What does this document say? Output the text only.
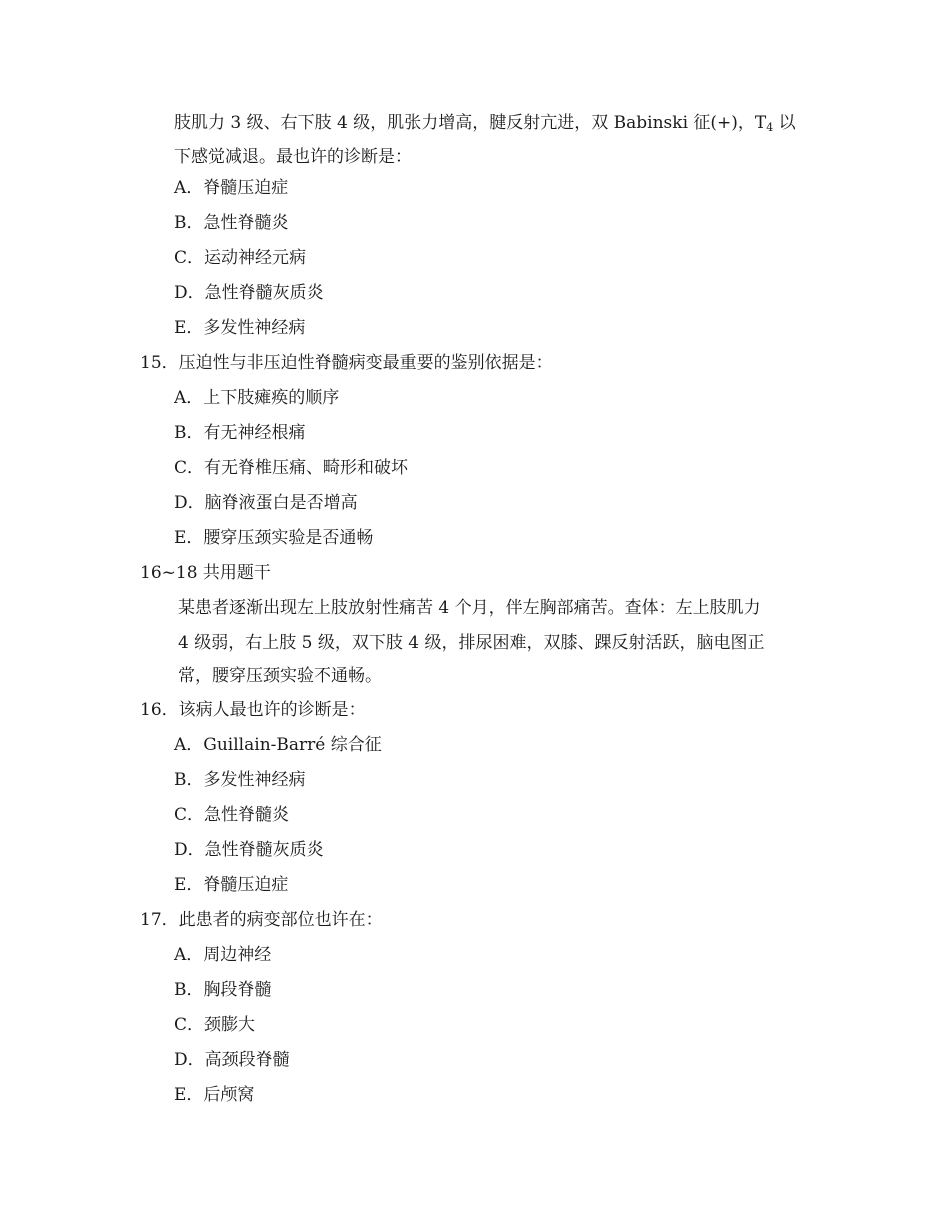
肢肌力 3 级、右下肢 4 级，肌张力增高，腱反射亢进，双 Babinski 征(+)，$T_4$ 以
下感觉减退。最也许的诊断是：
A．脊髓压迫症
B．急性脊髓炎
C．运动神经元病
D．急性脊髓灰质炎
E．多发性神经病
15．压迫性与非压迫性脊髓病变最重要的鉴别依据是：
A．上下肢瘫痪的顺序
B．有无神经根痛
C．有无脊椎压痛、畸形和破坏
D．脑脊液蛋白是否增高
E．腰穿压颈实验是否通畅
16~18 共用题干
某患者逐渐出现左上肢放射性痛苦 4 个月，伴左胸部痛苦。查体：左上肢肌力
4 级弱，右上肢 5 级，双下肢 4 级，排尿困难，双膝、踝反射活跃，脑电图正
常，腰穿压颈实验不通畅。
16．该病人最也许的诊断是：
A．Guillain-Barré 综合征
B．多发性神经病
C．急性脊髓炎
D．急性脊髓灰质炎
E．脊髓压迫症
17．此患者的病变部位也许在：
A．周边神经
B．胸段脊髓
C．颈膨大
D．高颈段脊髓
E．后颅窝
